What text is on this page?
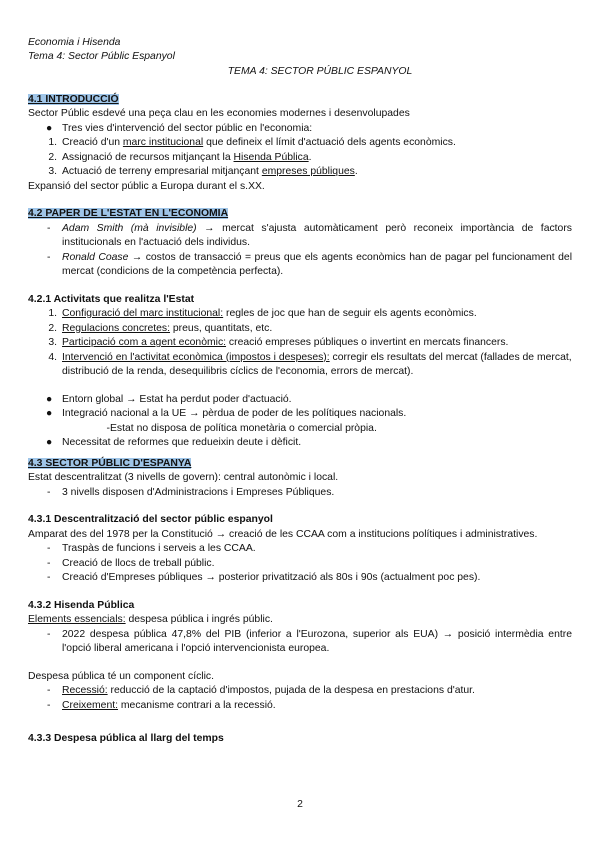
Economia i Hisenda
Tema 4: Sector Públic Espanyol
TEMA 4: SECTOR PÚBLIC ESPANYOL
4.1 INTRODUCCIÓ
Sector Públic esdevé una peça clau en les economies modernes i desenvolupades
● Tres vies d'intervenció del sector públic en l'economia:
1. Creació d'un marc institucional que defineix el límit d'actuació dels agents econòmics.
2. Assignació de recursos mitjançant la Hisenda Pública.
3. Actuació de terreny empresarial mitjançant empreses públiques.
Expansió del sector públic a Europa durant el s.XX.
4.2 PAPER DE L'ESTAT EN L'ECONOMIA
-	Adam Smith (mà invisible) → mercat s'ajusta automàticament però reconeix importància de factors institucionals en l'actuació dels individus.
-	Ronald Coase → costos de transacció = preus que els agents econòmics han de pagar pel funcionament del mercat (condicions de la competència perfecta).
4.2.1 Activitats que realitza l'Estat
1. Configuració del marc institucional: regles de joc que han de seguir els agents econòmics.
2. Regulacions concretes: preus, quantitats, etc.
3. Participació com a agent econòmic: creació empreses públiques o invertint en mercats financers.
4. Intervenció en l'activitat econòmica (impostos i despeses): corregir els resultats del mercat (fallades de mercat, distribució de la renda, desequilibris cíclics de l'economia, errors de mercat).
● Entorn global → Estat ha perdut poder d'actuació.
● Integració nacional a la UE → pèrdua de poder de les polítiques nacionals.
- Estat no disposa de política monetària o comercial pròpia.
● Necessitat de reformes que redueixin deute i dèficit.
4.3 SECTOR PÚBLIC D'ESPANYA
Estat descentralitzat (3 nivells de govern): central autonòmic i local.
-	3 nivells disposen d'Administracions i Empreses Públiques.
4.3.1 Descentralització del sector públic espanyol
Amparat des del 1978 per la Constitució → creació de les CCAA com a institucions polítiques i administratives.
-	Traspàs de funcions i serveis a les CCAA.
-	Creació de llocs de treball públic.
-	Creació d'Empreses públiques → posterior privatització als 80s i 90s (actualment poc pes).
4.3.2 Hisenda Pública
Elements essencials: despesa pública i ingrés públic.
-	2022 despesa pública 47,8% del PIB (inferior a l'Eurozona, superior als EUA) → posició intermèdia entre l'opció liberal americana i l'opció intervencionista europea.
Despesa pública té un component cíclic.
-	Recessió: reducció de la captació d'impostos, pujada de la despesa en prestacions d'atur.
-	Creixement: mecanisme contrari a la recessió.
4.3.3 Despesa pública al llarg del temps
2
